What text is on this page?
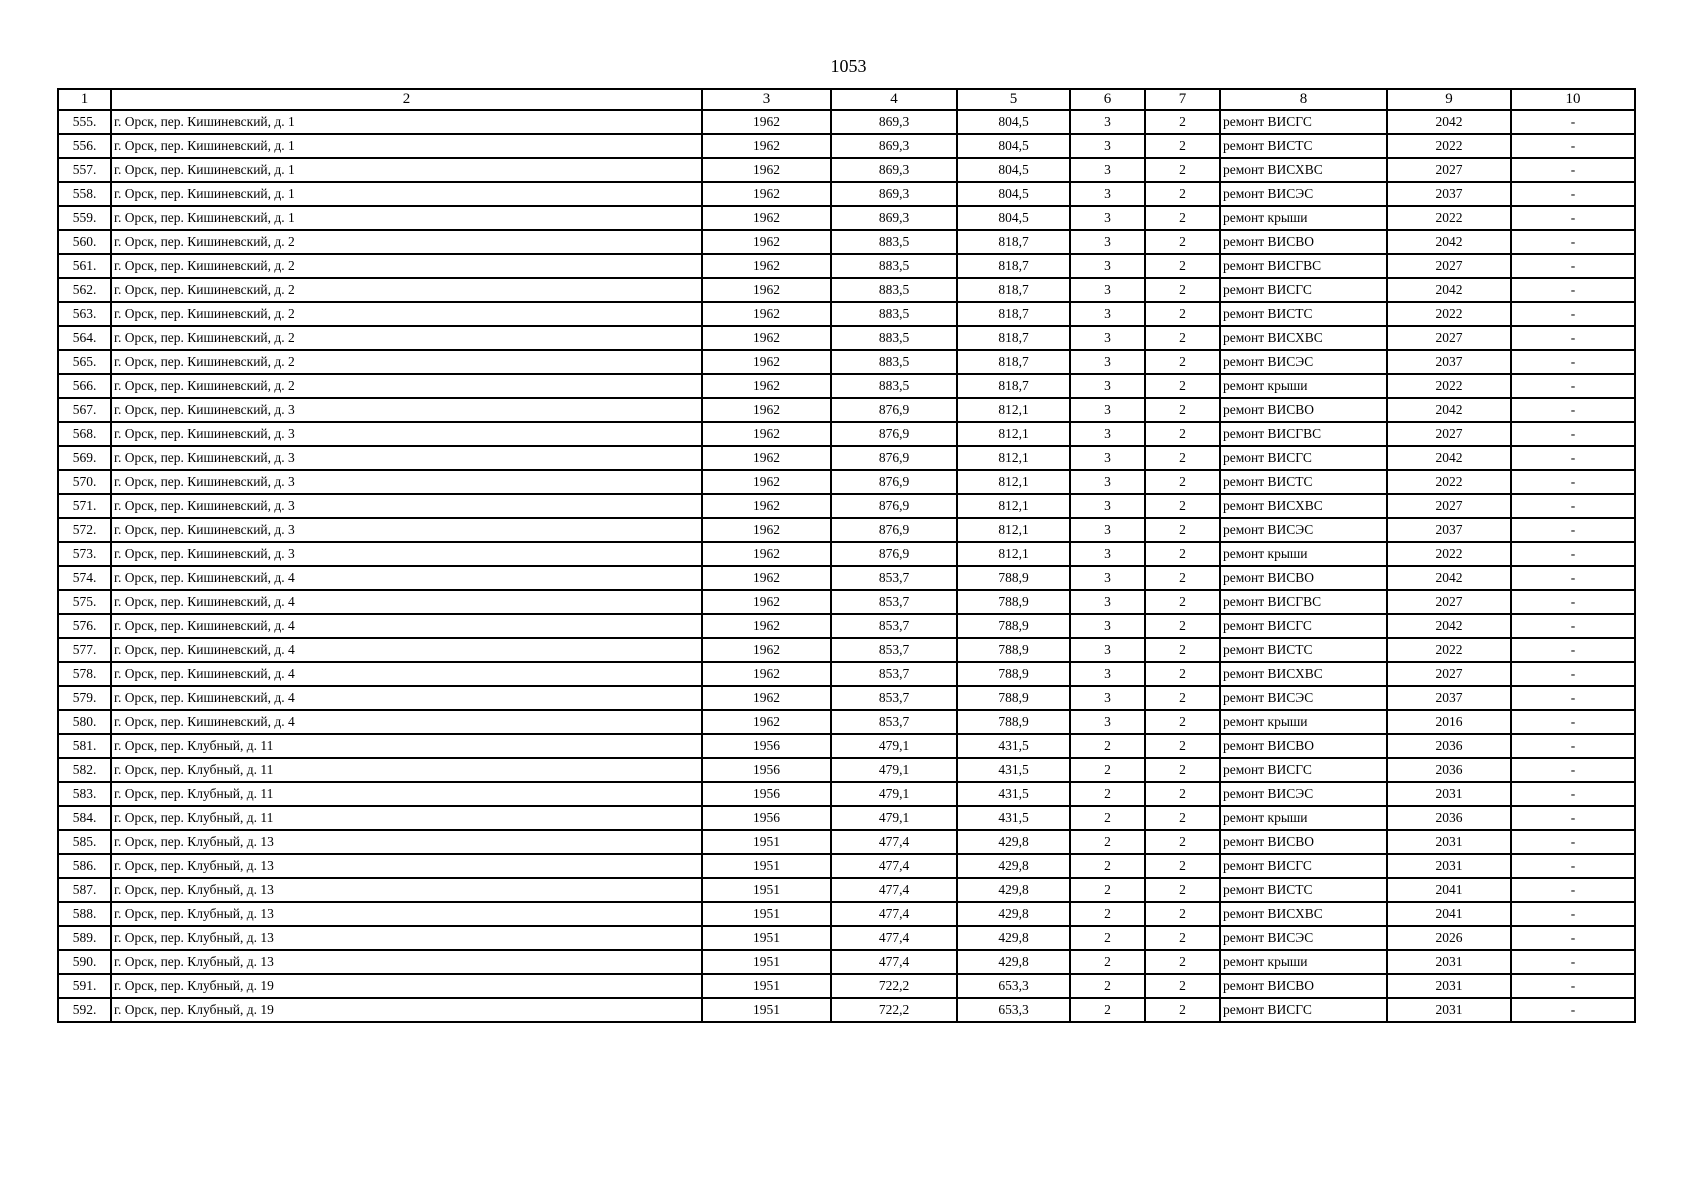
1053
1	2	3	4	5	6	7	8	9	10
555.	г. Орск, пер. Кишиневский, д. 1	1962	869,3	804,5	3	2	ремонт ВИСГС	2042	-
556.	г. Орск, пер. Кишиневский, д. 1	1962	869,3	804,5	3	2	ремонт ВИСТС	2022	-
557.	г. Орск, пер. Кишиневский, д. 1	1962	869,3	804,5	3	2	ремонт ВИСХВС	2027	-
558.	г. Орск, пер. Кишиневский, д. 1	1962	869,3	804,5	3	2	ремонт ВИСЭС	2037	-
559.	г. Орск, пер. Кишиневский, д. 1	1962	869,3	804,5	3	2	ремонт крыши	2022	-
560.	г. Орск, пер. Кишиневский, д. 2	1962	883,5	818,7	3	2	ремонт ВИСВО	2042	-
561.	г. Орск, пер. Кишиневский, д. 2	1962	883,5	818,7	3	2	ремонт ВИСГВС	2027	-
562.	г. Орск, пер. Кишиневский, д. 2	1962	883,5	818,7	3	2	ремонт ВИСГС	2042	-
563.	г. Орск, пер. Кишиневский, д. 2	1962	883,5	818,7	3	2	ремонт ВИСТС	2022	-
564.	г. Орск, пер. Кишиневский, д. 2	1962	883,5	818,7	3	2	ремонт ВИСХВС	2027	-
565.	г. Орск, пер. Кишиневский, д. 2	1962	883,5	818,7	3	2	ремонт ВИСЭС	2037	-
566.	г. Орск, пер. Кишиневский, д. 2	1962	883,5	818,7	3	2	ремонт крыши	2022	-
567.	г. Орск, пер. Кишиневский, д. 3	1962	876,9	812,1	3	2	ремонт ВИСВО	2042	-
568.	г. Орск, пер. Кишиневский, д. 3	1962	876,9	812,1	3	2	ремонт ВИСГВС	2027	-
569.	г. Орск, пер. Кишиневский, д. 3	1962	876,9	812,1	3	2	ремонт ВИСГС	2042	-
570.	г. Орск, пер. Кишиневский, д. 3	1962	876,9	812,1	3	2	ремонт ВИСТС	2022	-
571.	г. Орск, пер. Кишиневский, д. 3	1962	876,9	812,1	3	2	ремонт ВИСХВС	2027	-
572.	г. Орск, пер. Кишиневский, д. 3	1962	876,9	812,1	3	2	ремонт ВИСЭС	2037	-
573.	г. Орск, пер. Кишиневский, д. 3	1962	876,9	812,1	3	2	ремонт крыши	2022	-
574.	г. Орск, пер. Кишиневский, д. 4	1962	853,7	788,9	3	2	ремонт ВИСВО	2042	-
575.	г. Орск, пер. Кишиневский, д. 4	1962	853,7	788,9	3	2	ремонт ВИСГВС	2027	-
576.	г. Орск, пер. Кишиневский, д. 4	1962	853,7	788,9	3	2	ремонт ВИСГС	2042	-
577.	г. Орск, пер. Кишиневский, д. 4	1962	853,7	788,9	3	2	ремонт ВИСТС	2022	-
578.	г. Орск, пер. Кишиневский, д. 4	1962	853,7	788,9	3	2	ремонт ВИСХВС	2027	-
579.	г. Орск, пер. Кишиневский, д. 4	1962	853,7	788,9	3	2	ремонт ВИСЭС	2037	-
580.	г. Орск, пер. Кишиневский, д. 4	1962	853,7	788,9	3	2	ремонт крыши	2016	-
581.	г. Орск, пер. Клубный, д. 11	1956	479,1	431,5	2	2	ремонт ВИСВО	2036	-
582.	г. Орск, пер. Клубный, д. 11	1956	479,1	431,5	2	2	ремонт ВИСГС	2036	-
583.	г. Орск, пер. Клубный, д. 11	1956	479,1	431,5	2	2	ремонт ВИСЭС	2031	-
584.	г. Орск, пер. Клубный, д. 11	1956	479,1	431,5	2	2	ремонт крыши	2036	-
585.	г. Орск, пер. Клубный, д. 13	1951	477,4	429,8	2	2	ремонт ВИСВО	2031	-
586.	г. Орск, пер. Клубный, д. 13	1951	477,4	429,8	2	2	ремонт ВИСГС	2031	-
587.	г. Орск, пер. Клубный, д. 13	1951	477,4	429,8	2	2	ремонт ВИСТС	2041	-
588.	г. Орск, пер. Клубный, д. 13	1951	477,4	429,8	2	2	ремонт ВИСХВС	2041	-
589.	г. Орск, пер. Клубный, д. 13	1951	477,4	429,8	2	2	ремонт ВИСЭС	2026	-
590.	г. Орск, пер. Клубный, д. 13	1951	477,4	429,8	2	2	ремонт крыши	2031	-
591.	г. Орск, пер. Клубный, д. 19	1951	722,2	653,3	2	2	ремонт ВИСВО	2031	-
592.	г. Орск, пер. Клубный, д. 19	1951	722,2	653,3	2	2	ремонт ВИСГС	2031	-
